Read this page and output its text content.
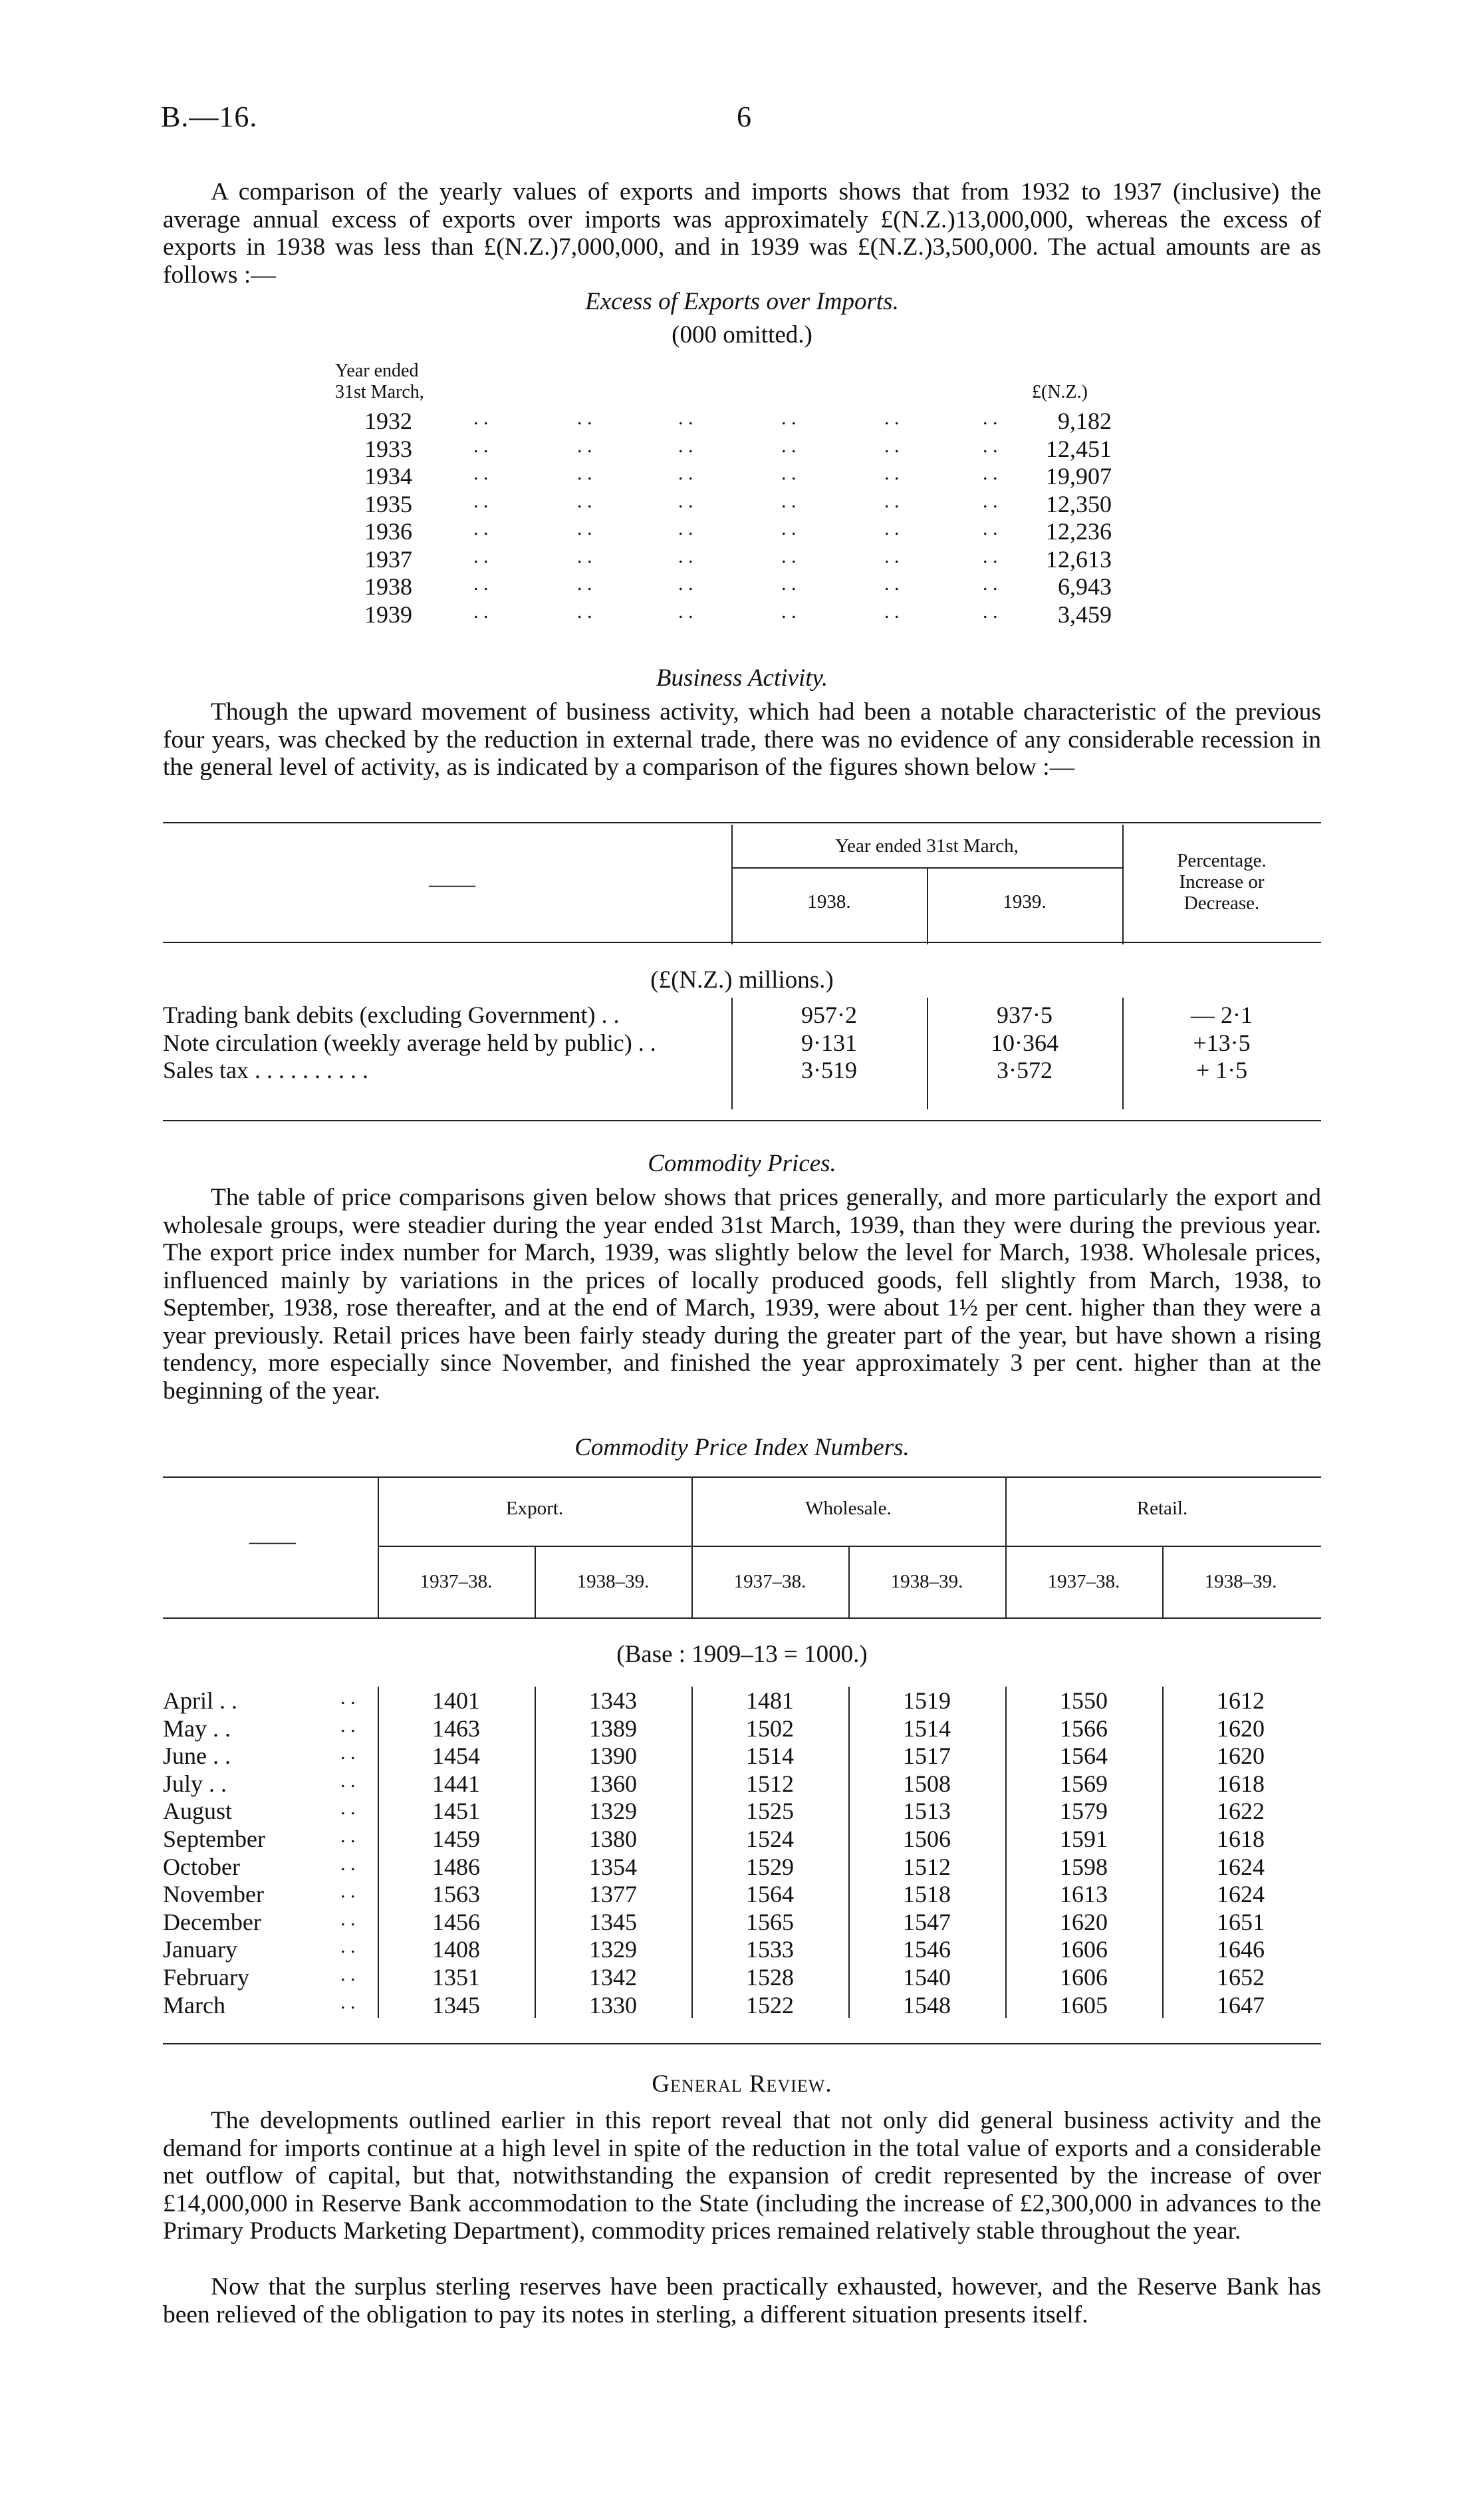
B.—16.	6

A comparison of the yearly values of exports and imports shows that from 1932 to 1937 (inclusive) the average annual excess of exports over imports was approximately £(N.Z.)13,000,000, whereas the excess of exports in 1938 was less than £(N.Z.)7,000,000, and in 1939 was £(N.Z.)3,500,000. The actual amounts are as follows :—

Excess of Exports over Imports.
(000 omitted.)
Year ended
31st March,	£(N.Z.)
1932	. .	. .	. .	. .	. .	. .	9,182
1933	. .	. .	. .	. .	. .	. .	12,451
1934	. .	. .	. .	. .	. .	. .	19,907
1935	. .	. .	. .	. .	. .	. .	12,350
1936	. .	. .	. .	. .	. .	. .	12,236
1937	. .	. .	. .	. .	. .	. .	12,613
1938	. .	. .	. .	. .	. .	. .	6,943
1939	. .	. .	. .	. .	. .	. .	3,459
Business Activity.

Though the upward movement of business activity, which had been a notable characteristic of the previous four years, was checked by the reduction in external trade, there was no evidence of any considerable recession in the general level of activity, as is indicated by a comparison of the figures shown below :—

——
Year ended 31st March,
1938.	1939.
Percentage.
Increase or
Decrease.
(£(N.Z.) millions.)
Trading bank debits (excluding Government) . .	957·2	937·5	— 2·1
Note circulation (weekly average held by public) . .	9·131	10·364	+13·5
Sales tax . . . . . . . . . .	3·519	3·572	+ 1·5
Commodity Prices.

The table of price comparisons given below shows that prices generally, and more particularly the export and wholesale groups, were steadier during the year ended 31st March, 1939, than they were during the previous year. The export price index number for March, 1939, was slightly below the level for March, 1938. Wholesale prices, influenced mainly by variations in the prices of locally produced goods, fell slightly from March, 1938, to September, 1938, rose thereafter, and at the end of March, 1939, were about 1½ per cent. higher than they were a year previously. Retail prices have been fairly steady during the greater part of the year, but have shown a rising tendency, more especially since November, and finished the year approximately 3 per cent. higher than at the beginning of the year.

Commodity Price Index Numbers.
——
Export.	Wholesale.	Retail.
1937–38.	1938–39.	1937–38.	1938–39.	1937–38.	1938–39.
(Base : 1909–13 = 1000.)
April . .	. .	1401	1343	1481	1519	1550	1612
May . .	. .	1463	1389	1502	1514	1566	1620
June . .	. .	1454	1390	1514	1517	1564	1620
July . .	. .	1441	1360	1512	1508	1569	1618
August	. .	1451	1329	1525	1513	1579	1622
September	. .	1459	1380	1524	1506	1591	1618
October	. .	1486	1354	1529	1512	1598	1624
November	. .	1563	1377	1564	1518	1613	1624
December	. .	1456	1345	1565	1547	1620	1651
January	. .	1408	1329	1533	1546	1606	1646
February	. .	1351	1342	1528	1540	1606	1652
March	. .	1345	1330	1522	1548	1605	1647
General Review.

The developments outlined earlier in this report reveal that not only did general business activity and the demand for imports continue at a high level in spite of the reduction in the total value of exports and a considerable net outflow of capital, but that, notwithstanding the expansion of credit represented by the increase of over £14,000,000 in Reserve Bank accommodation to the State (including the increase of £2,300,000 in advances to the Primary Products Marketing Department), commodity prices remained relatively stable throughout the year.

Now that the surplus sterling reserves have been practically exhausted, however, and the Reserve Bank has been relieved of the obligation to pay its notes in sterling, a different situation presents itself.
